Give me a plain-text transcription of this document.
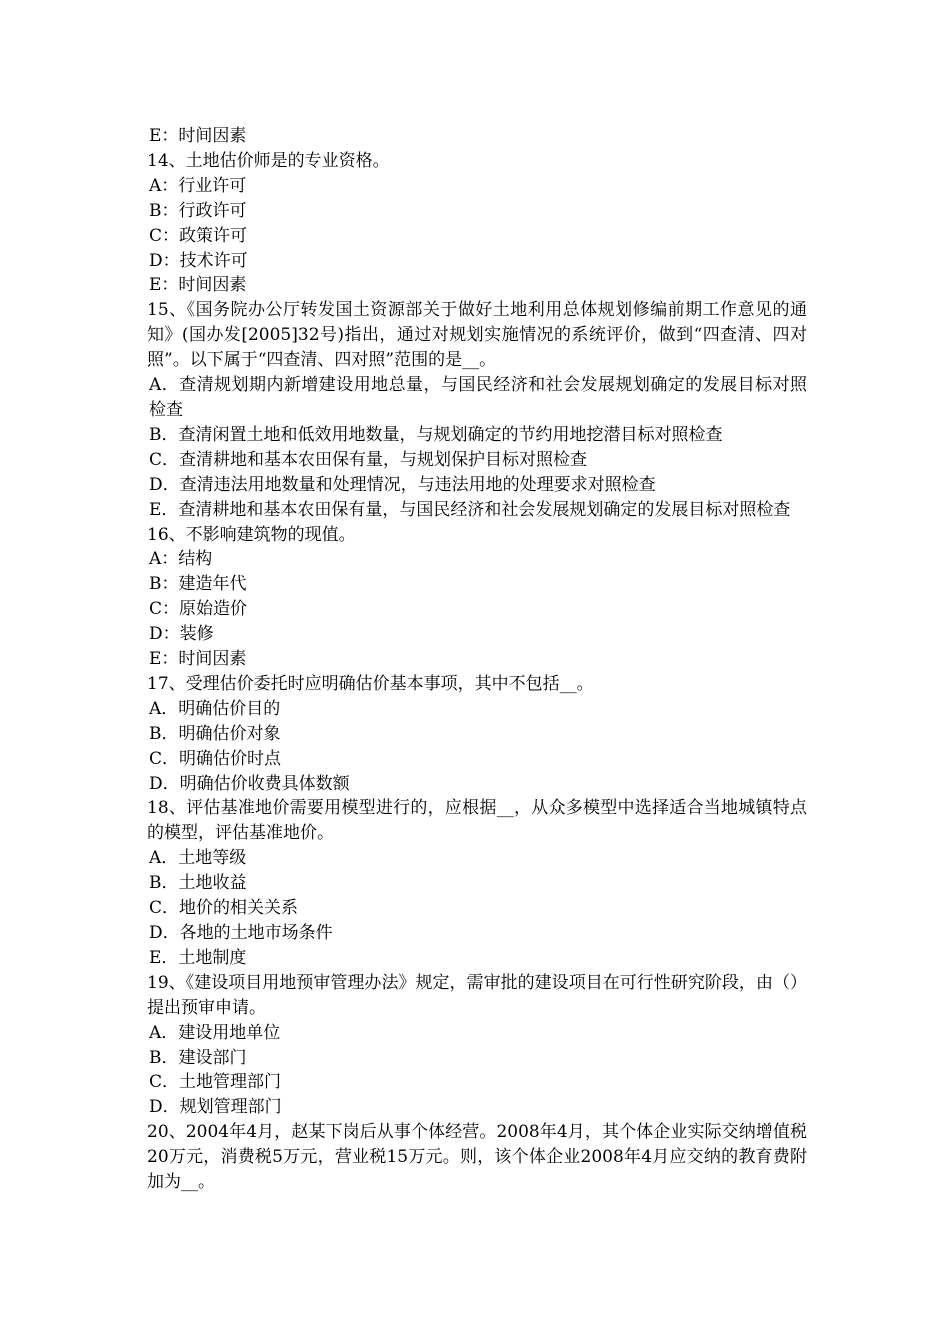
E：时间因素
14、土地估价师是的专业资格。
A：行业许可
B：行政许可
C：政策许可
D：技术许可
E：时间因素
15、《国务院办公厅转发国土资源部关于做好土地利用总体规划修编前期工作意见的通知》(国办发[2005]32号)指出，通过对规划实施情况的系统评价，做到“四查清、四对照”。以下属于“四查清、四对照”范围的是__。
A．查清规划期内新增建设用地总量，与国民经济和社会发展规划确定的发展目标对照检查
B．查清闲置土地和低效用地数量，与规划确定的节约用地挖潜目标对照检查
C．查清耕地和基本农田保有量，与规划保护目标对照检查
D．查清违法用地数量和处理情况，与违法用地的处理要求对照检查
E．查清耕地和基本农田保有量，与国民经济和社会发展规划确定的发展目标对照检查
16、不影响建筑物的现值。
A：结构
B：建造年代
C：原始造价
D：装修
E：时间因素
17、受理估价委托时应明确估价基本事项，其中不包括__。
A．明确估价目的
B．明确估价对象
C．明确估价时点
D．明确估价收费具体数额
18、评估基准地价需要用模型进行的，应根据__，从众多模型中选择适合当地城镇特点的模型，评估基准地价。
A．土地等级
B．土地收益
C．地价的相关关系
D．各地的土地市场条件
E．土地制度
19、《建设项目用地预审管理办法》规定，需审批的建设项目在可行性研究阶段，由（）提出预审申请。
A．建设用地单位
B．建设部门
C．土地管理部门
D．规划管理部门
20、2004年4月，赵某下岗后从事个体经营。2008年4月，其个体企业实际交纳增值税20万元，消费税5万元，营业税15万元。则，该个体企业2008年4月应交纳的教育费附加为__。
